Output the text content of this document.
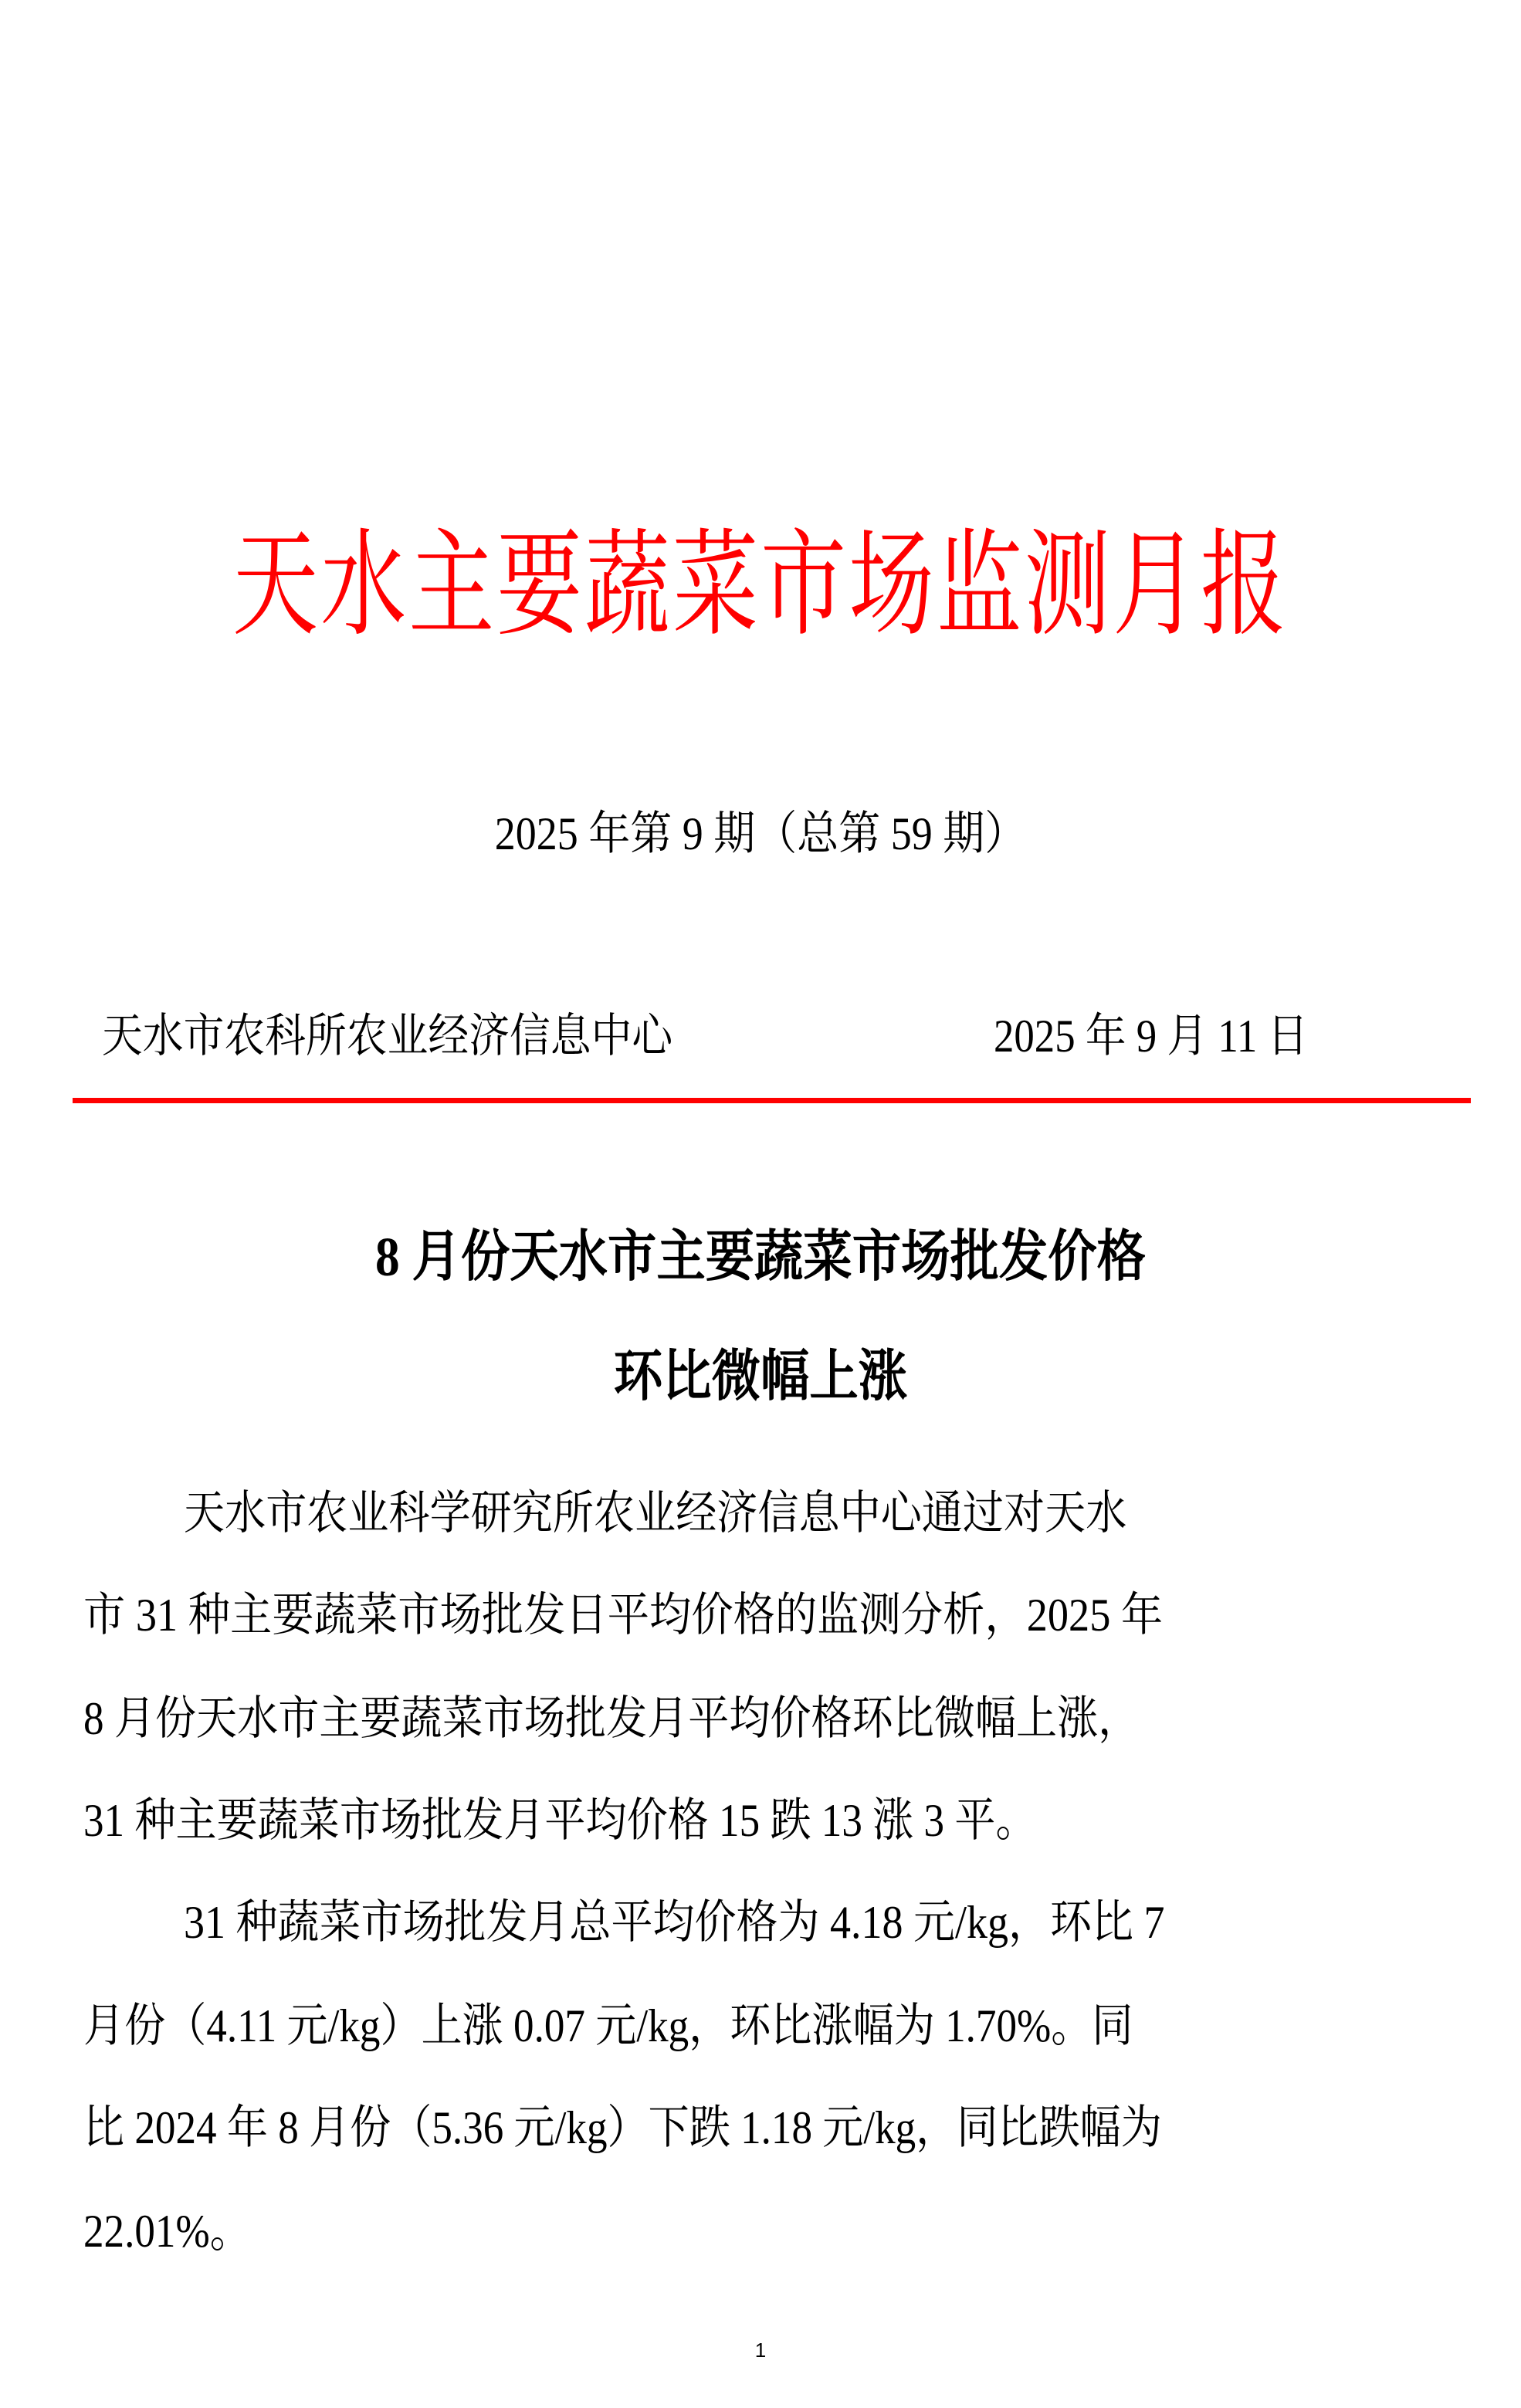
天水主要蔬菜市场监测月报
2025 年第 9 期（总第 59 期）
天水市农科所农业经济信息中心	2025 年 9 月 11 日
8 月份天水市主要蔬菜市场批发价格
环比微幅上涨
天水市农业科学研究所农业经济信息中心通过对天水
市 31 种主要蔬菜市场批发日平均价格的监测分析，2025 年
8 月份天水市主要蔬菜市场批发月平均价格环比微幅上涨，
31 种主要蔬菜市场批发月平均价格 15 跌 13 涨 3 平。
31 种蔬菜市场批发月总平均价格为 4.18 元/kg，环比 7
月份（4.11 元/kg）上涨 0.07 元/kg，环比涨幅为 1.70%。同
比 2024 年 8 月份（5.36 元/kg）下跌 1.18 元/kg，同比跌幅为
22.01%。
1
